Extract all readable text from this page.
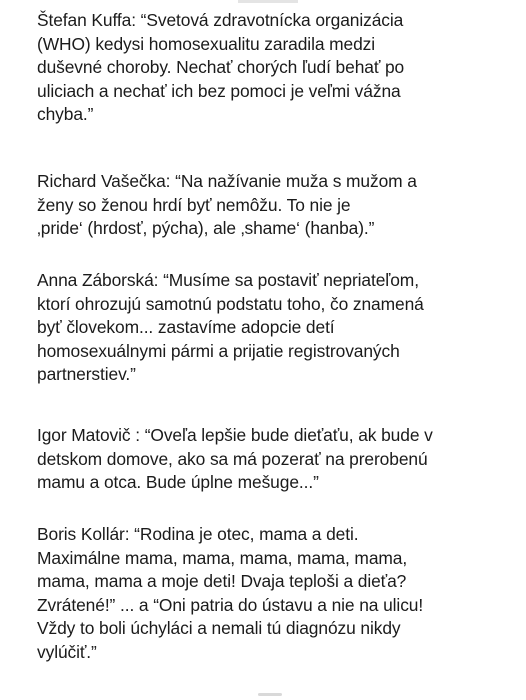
Štefan Kuffa: “Svetová zdravotnícka organizácia
(WHO) kedysi homosexualitu zaradila medzi
duševné choroby. Nechať chorých ľudí behať po
uliciach a nechať ich bez pomoci je veľmi vážna
chyba.”

Richard Vašečka: “Na nažívanie muža s mužom a
ženy so ženou hrdí byť nemôžu. To nie je
‚pride‘ (hrdosť, pýcha), ale ‚shame‘ (hanba).”

Anna Záborská: “Musíme sa postaviť nepriateľom,
ktorí ohrozujú samotnú podstatu toho, čo znamená
byť človekom... zastavíme adopcie detí
homosexuálnymi pármi a prijatie registrovaných
partnerstiev.”

Igor Matovič : “Oveľa lepšie bude dieťaťu, ak bude v
detskom domove, ako sa má pozerať na prerobenú
mamu a otca. Bude úplne mešuge...”

Boris Kollár: “Rodina je otec, mama a deti.
Maximálne mama, mama, mama, mama, mama,
mama, mama a moje deti! Dvaja teploši a dieťa?
Zvrátené!” ... a “Oni patria do ústavu a nie na ulicu!
Vždy to boli úchyláci a nemali tú diagnózu nikdy
vylúčiť.”
